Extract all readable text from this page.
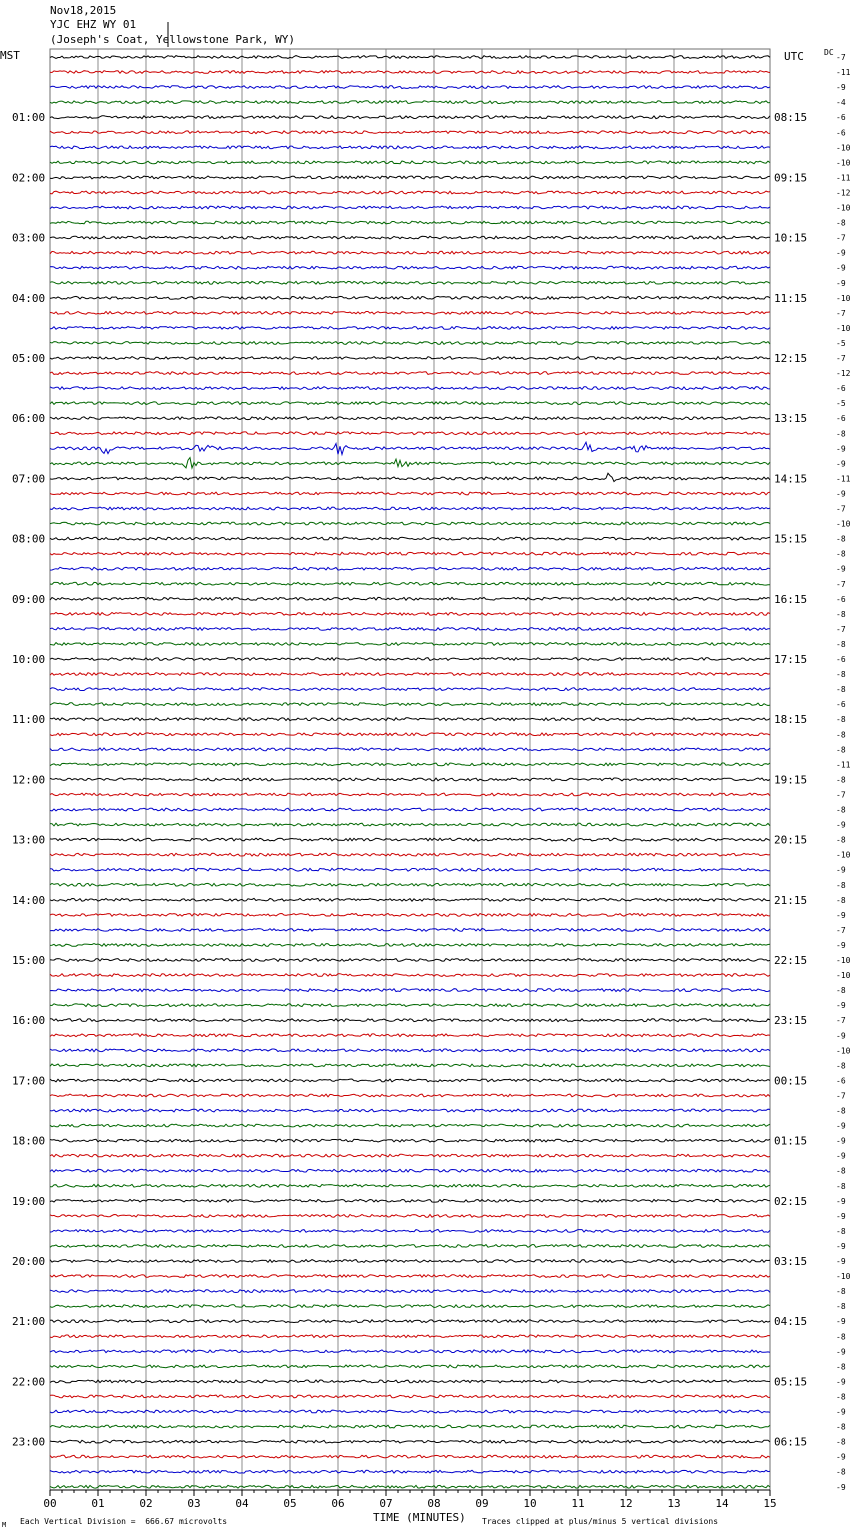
Nov18,2015
YJC EHZ WY 01
(Joseph's Coat, Yellowstone Park, WY)
MST	UTC	DC
-7
-11
-9
-4
-6
-6
-10
-10
-11
-12
-10
-8
-7
-9
-9
-9
-10
-7
-10
-5
-7
-12
-6
-5
-6
-8
-9
-9
-11
-9
-7
-10
-8
-8
-9
-7
-6
-8
-7
-8
-6
-8
-8
-6
-8
-8
-8
-11
-8
-7
-8
-9
-8
-10
-9
-8
-8
-9
-7
-9
-10
-10
-8
-9
-7
-9
-10
-8
-6
-7
-8
-9
-9
-9
-8
-8
-9
-9
-8
-9
-9
-10
-8
-8
-9
-8
-9
-8
-9
-8
-9
-8
-8
-9
-8
-9
01:00	08:15
02:00	09:15
03:00	10:15
04:00	11:15
05:00	12:15
06:00	13:15
07:00	14:15
08:00	15:15
09:00	16:15
10:00	17:15
11:00	18:15
12:00	19:15
13:00	20:15
14:00	21:15
15:00	22:15
16:00	23:15
17:00	00:15
18:00	01:15
19:00	02:15
20:00	03:15
21:00	04:15
22:00	05:15
23:00	06:15
00	01	02	03	04	05	06	07	08	09	10	11	12	13	14	15
M Each Vertical Division =  666.67 microvolts	TIME (MINUTES) Traces clipped at plus/minus 5 vertical divisions
